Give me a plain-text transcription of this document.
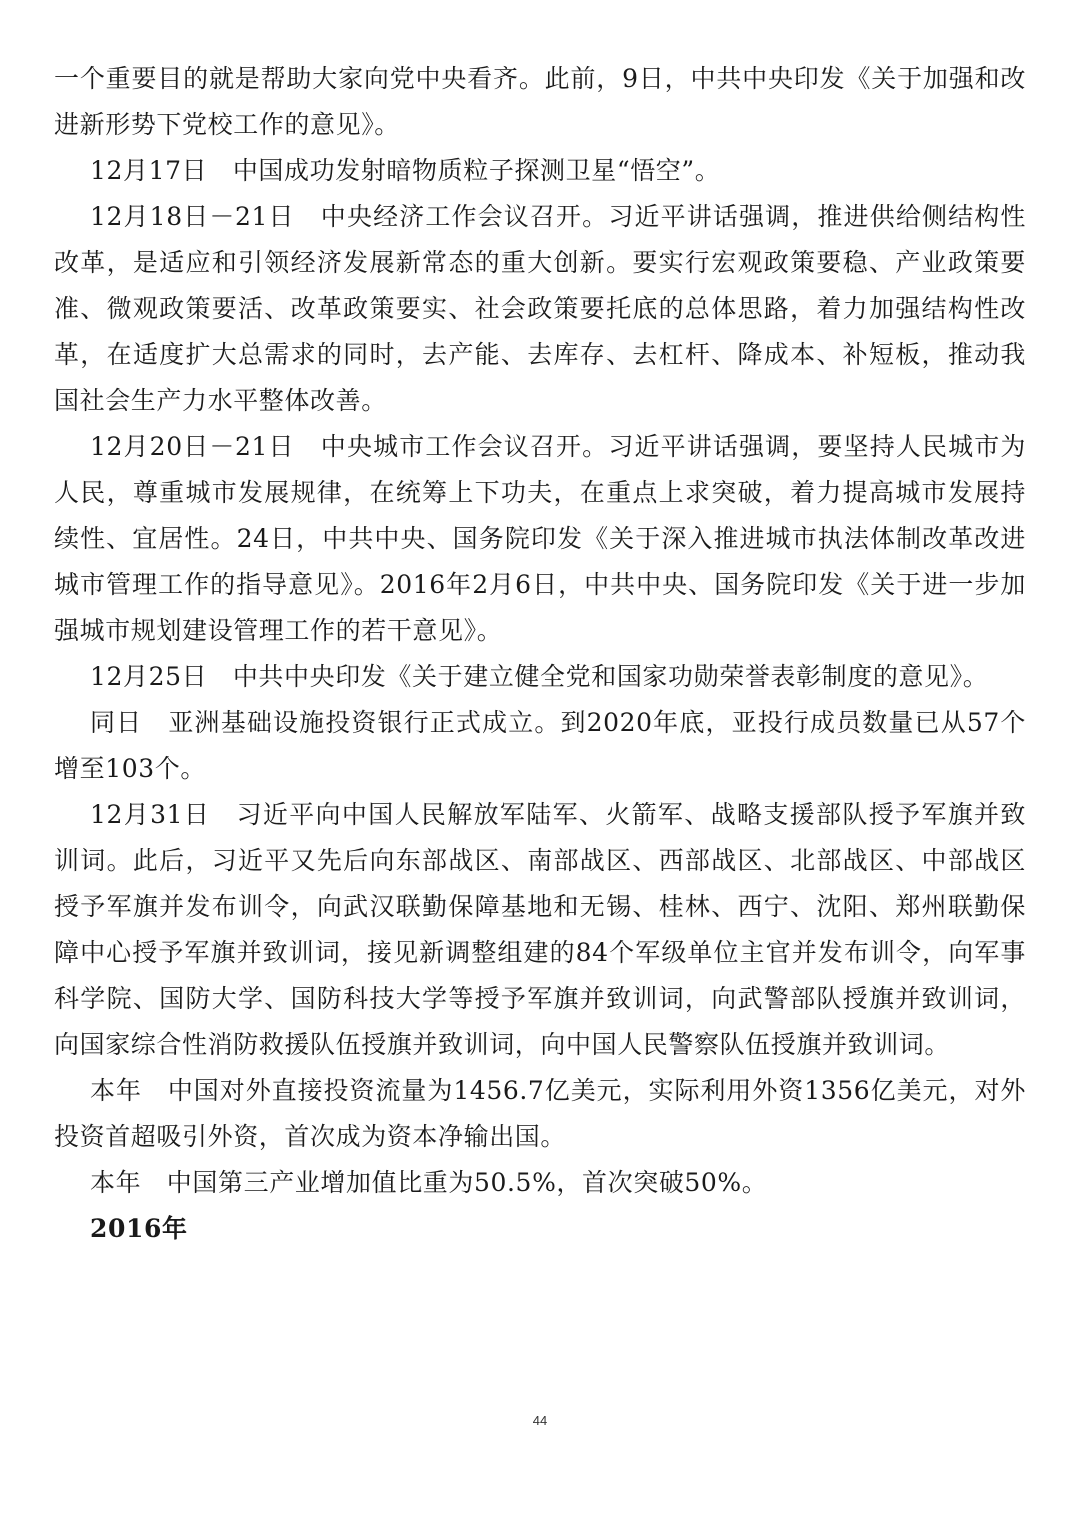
一个重要目的就是帮助大家向党中央看齐。此前，9日，中共中央印发《关于加强和改进新形势下党校工作的意见》。

12月17日　中国成功发射暗物质粒子探测卫星“悟空”。

12月18日－21日　中央经济工作会议召开。习近平讲话强调，推进供给侧结构性改革，是适应和引领经济发展新常态的重大创新。要实行宏观政策要稳、产业政策要准、微观政策要活、改革政策要实、社会政策要托底的总体思路，着力加强结构性改革，在适度扩大总需求的同时，去产能、去库存、去杠杆、降成本、补短板，推动我国社会生产力水平整体改善。

12月20日－21日　中央城市工作会议召开。习近平讲话强调，要坚持人民城市为人民，尊重城市发展规律，在统筹上下功夫，在重点上求突破，着力提高城市发展持续性、宜居性。24日，中共中央、国务院印发《关于深入推进城市执法体制改革改进城市管理工作的指导意见》。2016年2月6日，中共中央、国务院印发《关于进一步加强城市规划建设管理工作的若干意见》。

12月25日　中共中央印发《关于建立健全党和国家功勋荣誉表彰制度的意见》。

同日　亚洲基础设施投资银行正式成立。到2020年底，亚投行成员数量已从57个增至103个。

12月31日　习近平向中国人民解放军陆军、火箭军、战略支援部队授予军旗并致训词。此后，习近平又先后向东部战区、南部战区、西部战区、北部战区、中部战区授予军旗并发布训令，向武汉联勤保障基地和无锡、桂林、西宁、沈阳、郑州联勤保障中心授予军旗并致训词，接见新调整组建的84个军级单位主官并发布训令，向军事科学院、国防大学、国防科技大学等授予军旗并致训词，向武警部队授旗并致训词，向国家综合性消防救援队伍授旗并致训词，向中国人民警察队伍授旗并致训词。

本年　中国对外直接投资流量为1456.7亿美元，实际利用外资1356亿美元，对外投资首超吸引外资，首次成为资本净输出国。

本年　中国第三产业增加值比重为50.5%，首次突破50%。

2016年

44
